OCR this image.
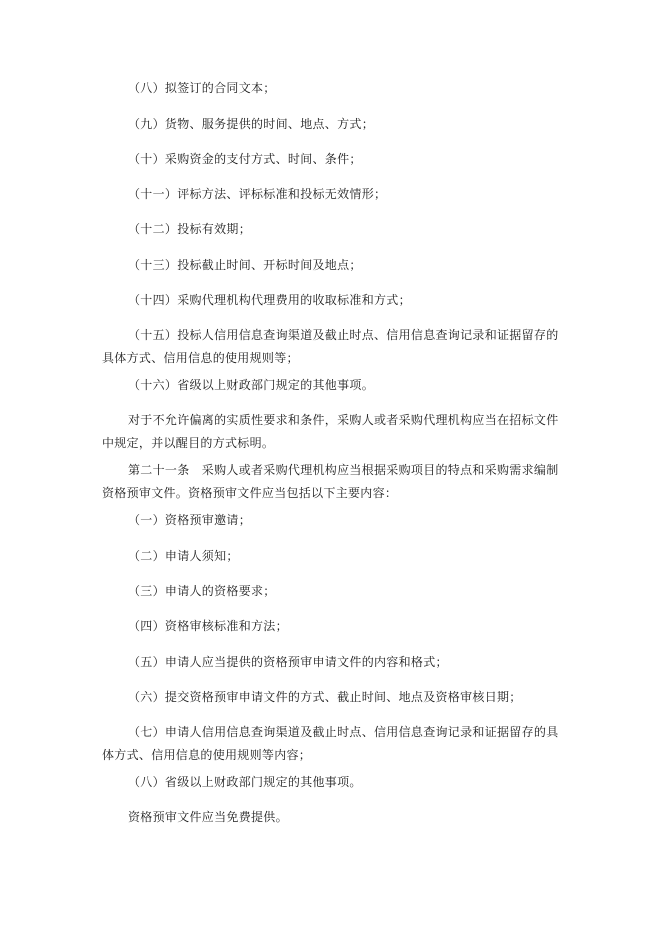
（八）拟签订的合同文本；

（九）货物、服务提供的时间、地点、方式；

（十）采购资金的支付方式、时间、条件；

（十一）评标方法、评标标准和投标无效情形；

（十二）投标有效期；

（十三）投标截止时间、开标时间及地点；

（十四）采购代理机构代理费用的收取标准和方式；

（十五）投标人信用信息查询渠道及截止时点、信用信息查询记录和证据留存的具体方式、信用信息的使用规则等；

（十六）省级以上财政部门规定的其他事项。

对于不允许偏离的实质性要求和条件，采购人或者采购代理机构应当在招标文件中规定，并以醒目的方式标明。

第二十一条　采购人或者采购代理机构应当根据采购项目的特点和采购需求编制资格预审文件。资格预审文件应当包括以下主要内容：

（一）资格预审邀请；

（二）申请人须知；

（三）申请人的资格要求；

（四）资格审核标准和方法；

（五）申请人应当提供的资格预审申请文件的内容和格式；

（六）提交资格预审申请文件的方式、截止时间、地点及资格审核日期；

（七）申请人信用信息查询渠道及截止时点、信用信息查询记录和证据留存的具体方式、信用信息的使用规则等内容；

（八）省级以上财政部门规定的其他事项。

资格预审文件应当免费提供。
